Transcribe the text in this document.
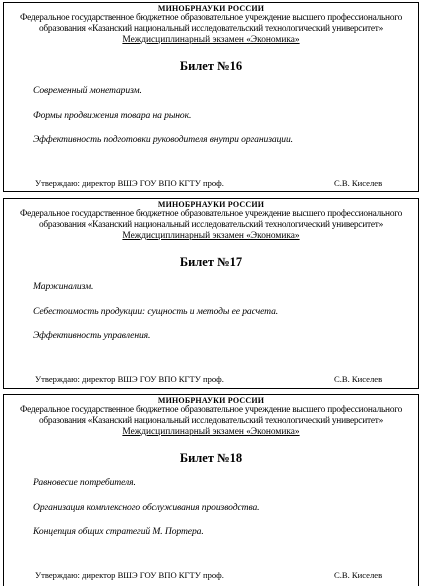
МИНОБРНАУКИ РОССИИ
Федеральное государственное бюджетное образовательное учреждение высшего профессионального образования «Казанский национальный исследовательский технологический университет»
Междисциплинарный экзамен «Экономика»
Билет №16
Современный монетаризм.
Формы продвижения товара на рынок.
Эффективность подготовки руководителя внутри организации.
Утверждаю: директор ВШЭ ГОУ ВПО КГТУ проф.	С.В. Киселев
МИНОБРНАУКИ РОССИИ
Федеральное государственное бюджетное образовательное учреждение высшего профессионального образования «Казанский национальный исследовательский технологический университет»
Междисциплинарный экзамен «Экономика»
Билет №17
Маржинализм.
Себестоимость продукции: сущность и методы ее расчета.
Эффективность управления.
Утверждаю: директор ВШЭ ГОУ ВПО КГТУ проф.	С.В. Киселев
МИНОБРНАУКИ РОССИИ
Федеральное государственное бюджетное образовательное учреждение высшего профессионального образования «Казанский национальный исследовательский технологический университет»
Междисциплинарный экзамен «Экономика»
Билет №18
Равновесие потребителя.
Организация комплексного обслуживания производства.
Концепция общих стратегий М. Портера.
Утверждаю: директор ВШЭ ГОУ ВПО КГТУ проф.	С.В. Киселев
